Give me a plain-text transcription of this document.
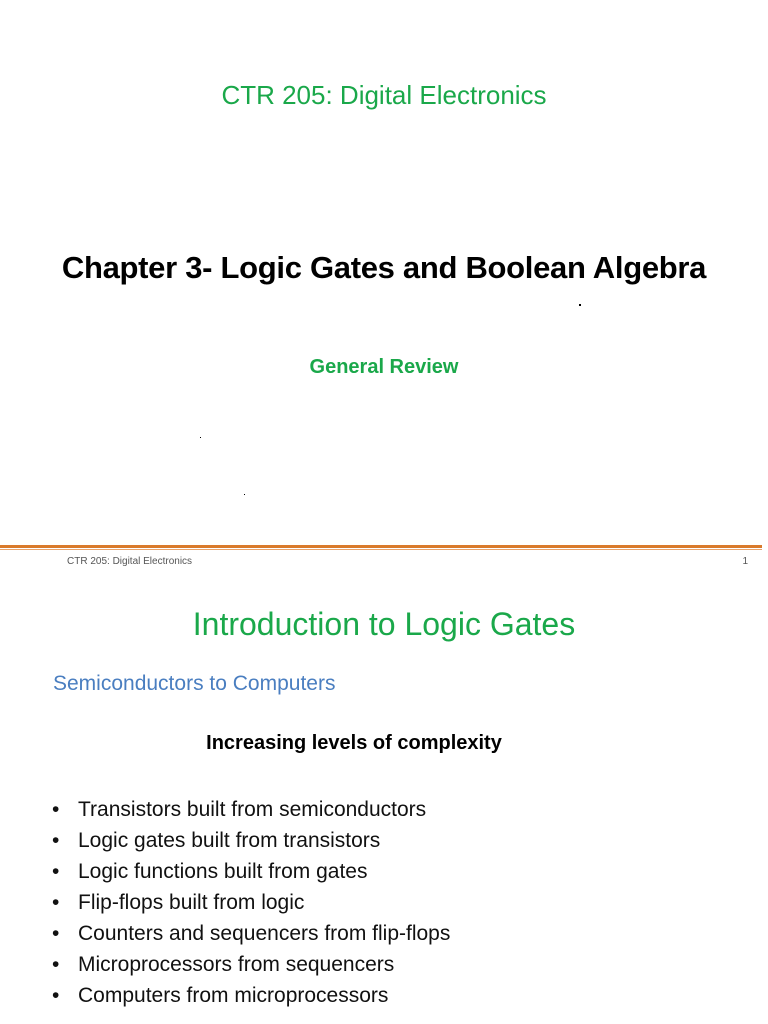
CTR 205: Digital Electronics
Chapter 3- Logic Gates and Boolean Algebra
General Review
CTR 205: Digital Electronics	1
Introduction to Logic Gates
Semiconductors to Computers
Increasing levels of complexity
• Transistors built from semiconductors
• Logic gates built from transistors
• Logic functions built from gates
• Flip-flops built from logic
• Counters and sequencers from flip-flops
• Microprocessors from sequencers
• Computers from microprocessors
